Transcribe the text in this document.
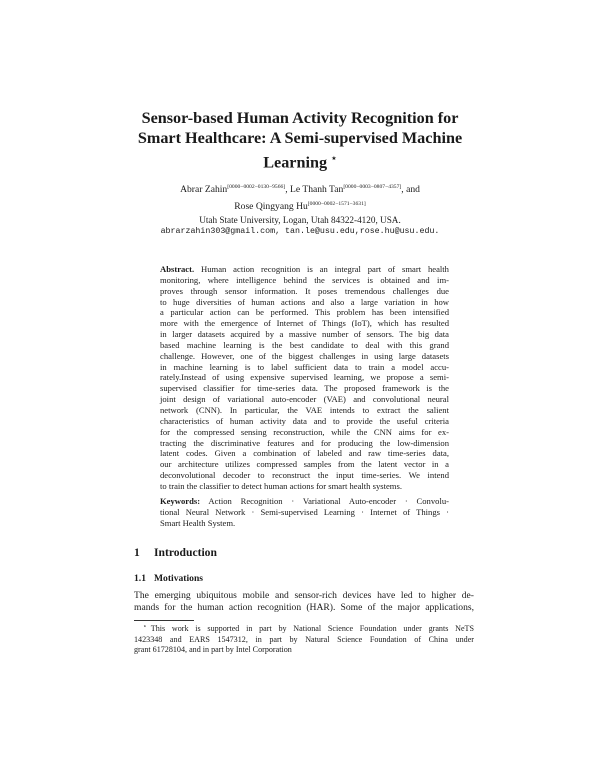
Sensor-based Human Activity Recognition for
Smart Healthcare: A Semi-supervised Machine
Learning ⋆
Abrar Zahin[0000−0002−0130−9566], Le Thanh Tan[0000−0003−0807−4357], and
Rose Qingyang Hu[0000−0002−1571−3631]
Utah State University, Logan, Utah 84322-4120, USA.
abrarzahin303@gmail.com, tan.le@usu.edu,rose.hu@usu.edu.
Abstract. Human action recognition is an integral part of smart health
monitoring, where intelligence behind the services is obtained and im-
proves through sensor information. It poses tremendous challenges due
to huge diversities of human actions and also a large variation in how
a particular action can be performed. This problem has been intensified
more with the emergence of Internet of Things (IoT), which has resulted
in larger datasets acquired by a massive number of sensors. The big data
based machine learning is the best candidate to deal with this grand
challenge. However, one of the biggest challenges in using large datasets
in machine learning is to label sufficient data to train a model accu-
rately.Instead of using expensive supervised learning, we propose a semi-
supervised classifier for time-series data. The proposed framework is the
joint design of variational auto-encoder (VAE) and convolutional neural
network (CNN). In particular, the VAE intends to extract the salient
characteristics of human activity data and to provide the useful criteria
for the compressed sensing reconstruction, while the CNN aims for ex-
tracting the discriminative features and for producing the low-dimension
latent codes. Given a combination of labeled and raw time-series data,
our architecture utilizes compressed samples from the latent vector in a
deconvolutional decoder to reconstruct the input time-series. We intend
to train the classifier to detect human actions for smart health systems.
Keywords: Action Recognition · Variational Auto-encoder · Convolu-
tional Neural Network · Semi-supervised Learning · Internet of Things ·
Smart Health System.
1 Introduction
1.1 Motivations
The emerging ubiquitous mobile and sensor-rich devices have led to higher de-
mands for the human action recognition (HAR). Some of the major applications,
⋆ This work is supported in part by National Science Foundation under grants NeTS
1423348 and EARS 1547312, in part by Natural Science Foundation of China under
grant 61728104, and in part by Intel Corporation
